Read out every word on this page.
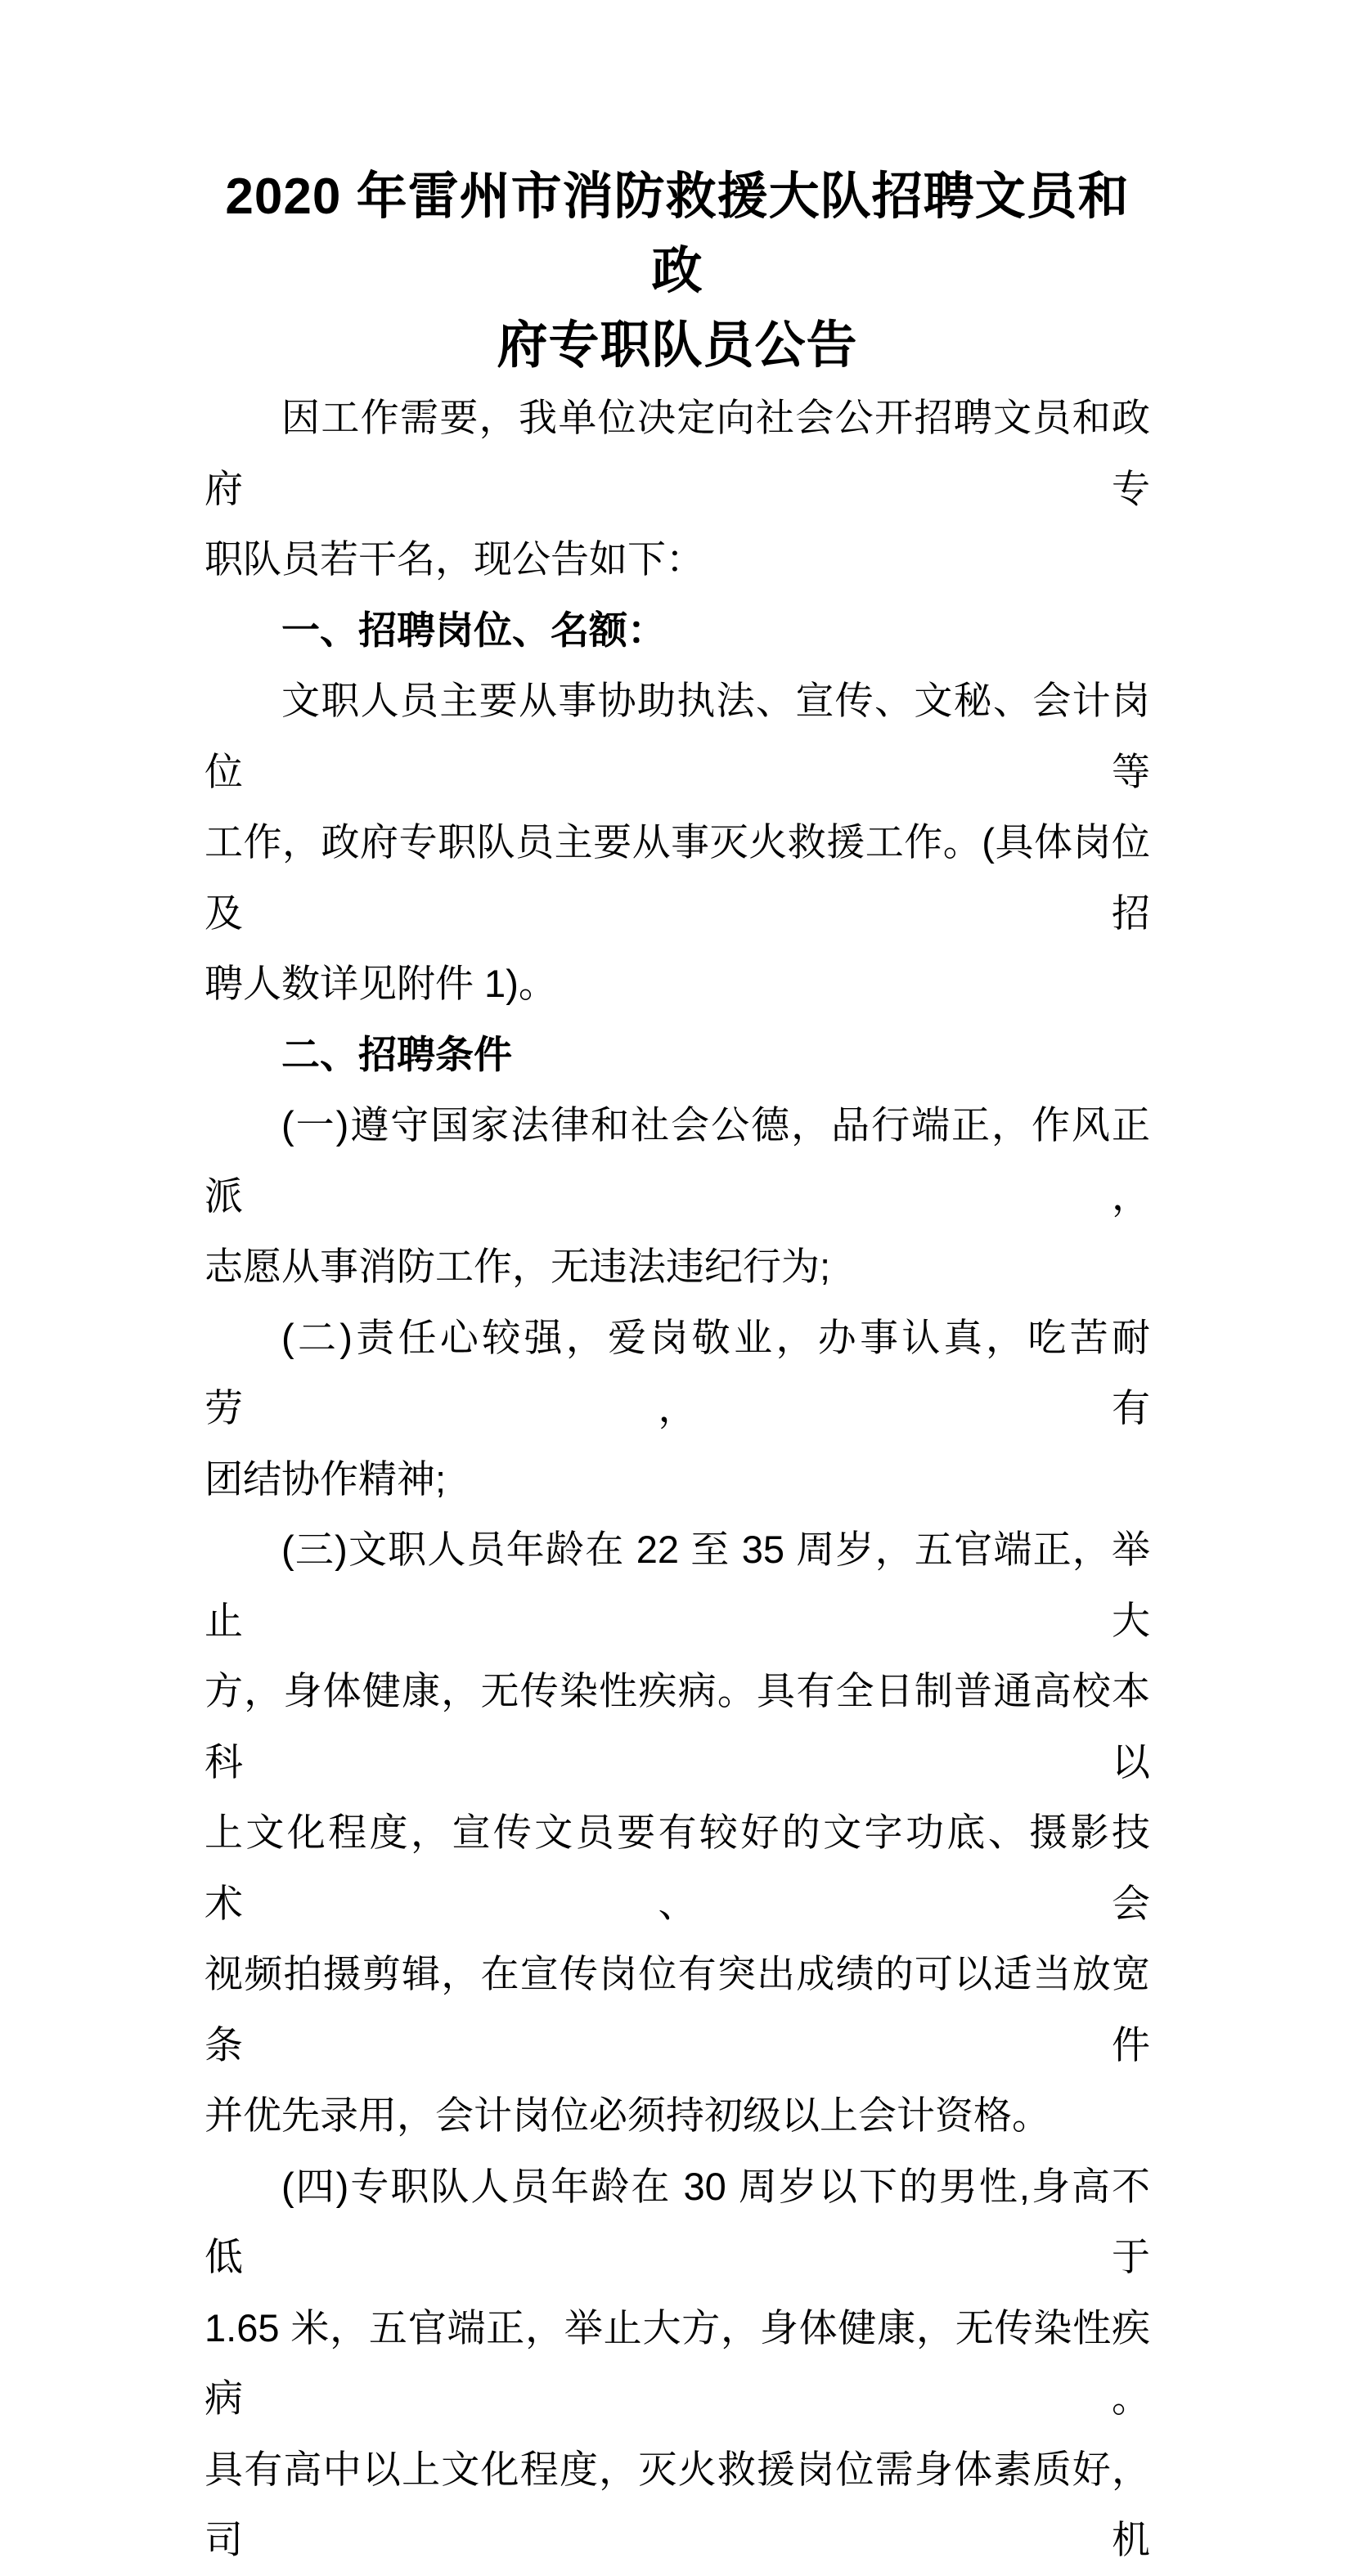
2020 年雷州市消防救援大队招聘文员和政
府专职队员公告
因工作需要，我单位决定向社会公开招聘文员和政府专
职队员若干名，现公告如下：
一、招聘岗位、名额：
文职人员主要从事协助执法、宣传、文秘、会计岗位等
工作，政府专职队员主要从事灭火救援工作。(具体岗位及招
聘人数详见附件 1)。
二、招聘条件
(一)遵守国家法律和社会公德，品行端正，作风正派，
志愿从事消防工作，无违法违纪行为;
(二)责任心较强，爱岗敬业，办事认真，吃苦耐劳，有
团结协作精神;
(三)文职人员年龄在 22 至 35 周岁，五官端正，举止大
方，身体健康，无传染性疾病。具有全日制普通高校本科以
上文化程度，宣传文员要有较好的文字功底、摄影技术、会
视频拍摄剪辑，在宣传岗位有突出成绩的可以适当放宽条件
并优先录用，会计岗位必须持初级以上会计资格。
(四)专职队人员年龄在 30 周岁以下的男性,身高不低于
1.65 米，五官端正，举止大方，身体健康，无传染性疾病。
具有高中以上文化程度，灭火救援岗位需身体素质好，司机
